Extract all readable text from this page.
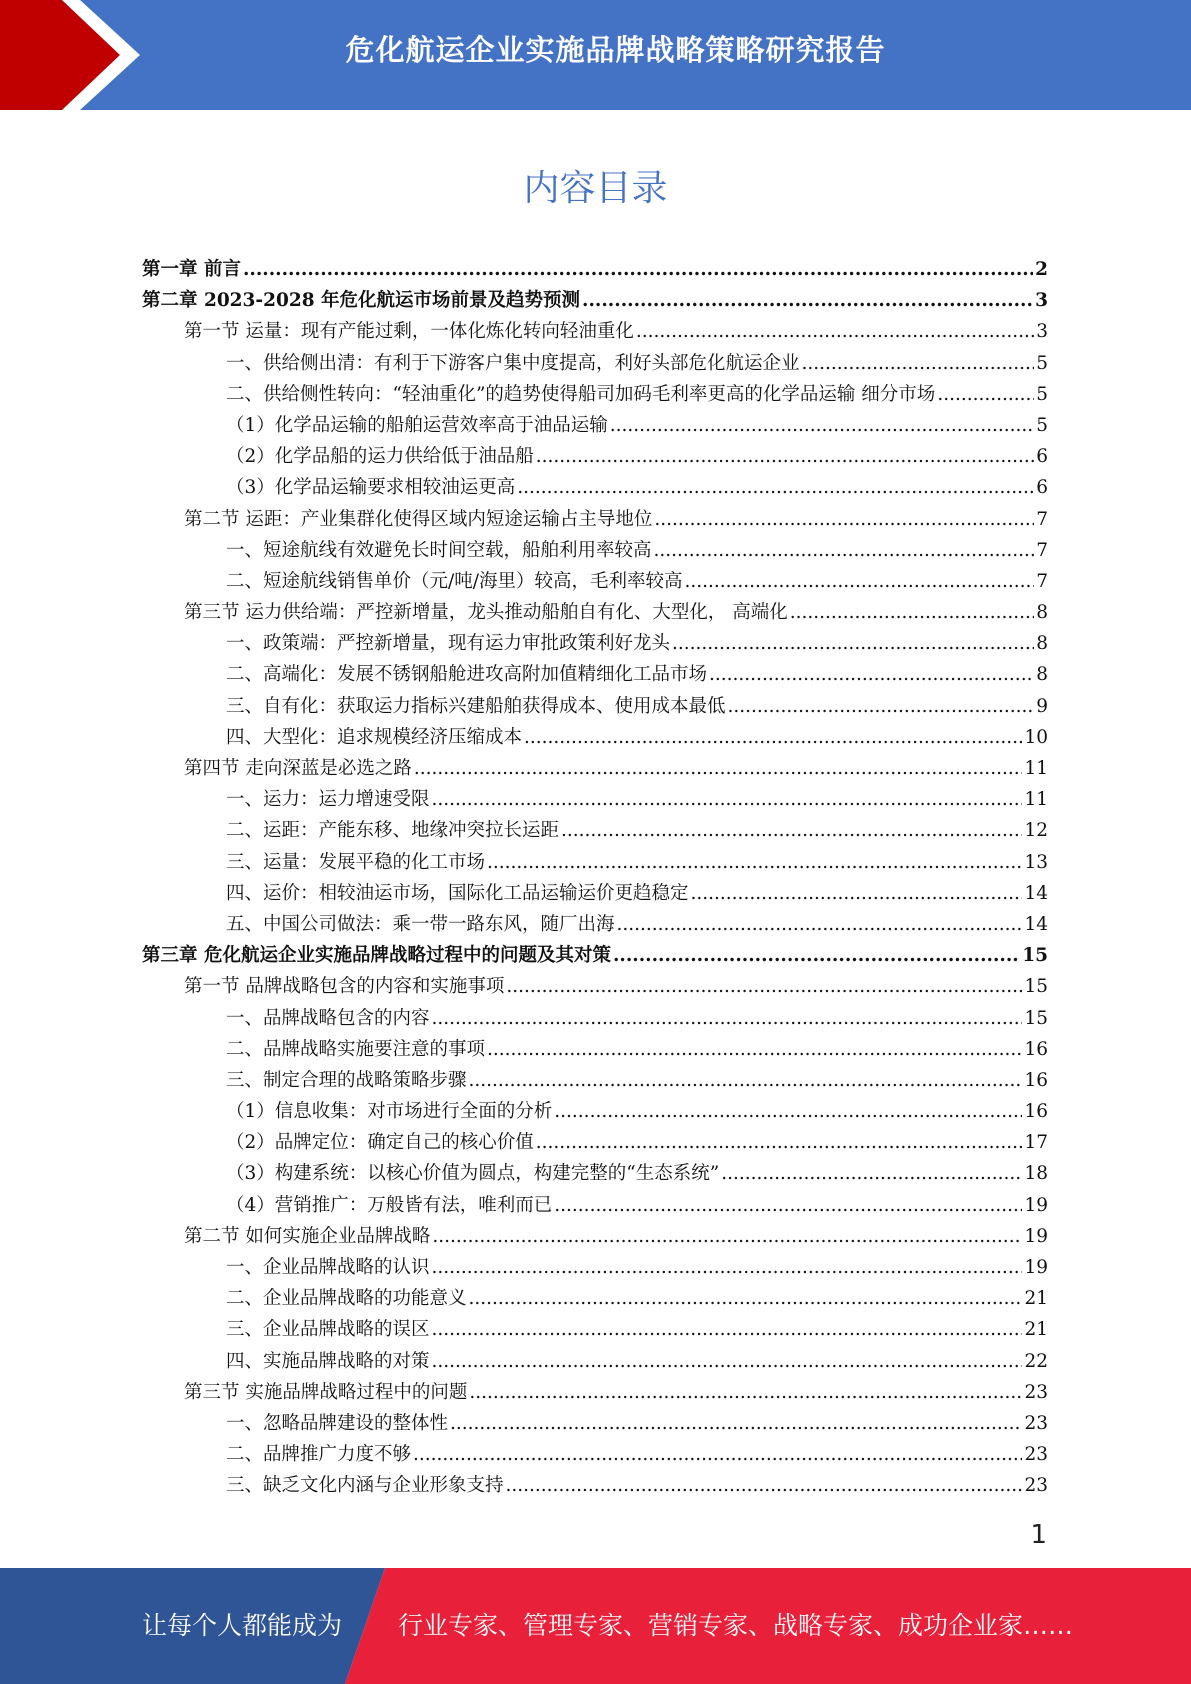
危化航运企业实施品牌战略策略研究报告
内容目录
第一章 前言 .....	2
第二章 2023-2028 年危化航运市场前景及趋势预测 .....	3
第一节 运量：现有产能过剩，一体化炼化转向轻油重化 .....	3
一、供给侧出清：有利于下游客户集中度提高，利好头部危化航运企业 .....	5
二、供给侧性转向：“轻油重化”的趋势使得船司加码毛利率更高的化学品运输 细分市场 .....	5
（1）化学品运输的船舶运营效率高于油品运输 .....	5
（2）化学品船的运力供给低于油品船 .....	6
（3）化学品运输要求相较油运更高 .....	6
第二节 运距：产业集群化使得区域内短途运输占主导地位 .....	7
一、短途航线有效避免长时间空载，船舶利用率较高 .....	7
二、短途航线销售单价（元/吨/海里）较高，毛利率较高 .....	7
第三节 运力供给端：严控新增量，龙头推动船舶自有化、大型化， 高端化 .....	8
一、政策端：严控新增量，现有运力审批政策利好龙头 .....	8
二、高端化：发展不锈钢船舱进攻高附加值精细化工品市场 .....	8
三、自有化：获取运力指标兴建船舶获得成本、使用成本最低 .....	9
四、大型化：追求规模经济压缩成本 .....	10
第四节 走向深蓝是必选之路 .....	11
一、运力：运力增速受限 .....	11
二、运距：产能东移、地缘冲突拉长运距 .....	12
三、运量：发展平稳的化工市场 .....	13
四、运价：相较油运市场，国际化工品运输运价更趋稳定 .....	14
五、中国公司做法：乘一带一路东风，随厂出海 .....	14
第三章 危化航运企业实施品牌战略过程中的问题及其对策 .....	15
第一节 品牌战略包含的内容和实施事项 .....	15
一、品牌战略包含的内容 .....	15
二、品牌战略实施要注意的事项 .....	16
三、制定合理的战略策略步骤 .....	16
（1）信息收集：对市场进行全面的分析 .....	16
（2）品牌定位：确定自己的核心价值 .....	17
（3）构建系统：以核心价值为圆点，构建完整的“生态系统” .....	18
（4）营销推广：万般皆有法，唯利而已 .....	19
第二节 如何实施企业品牌战略 .....	19
一、企业品牌战略的认识 .....	19
二、企业品牌战略的功能意义 .....	21
三、企业品牌战略的误区 .....	21
四、实施品牌战略的对策 .....	22
第三节 实施品牌战略过程中的问题 .....	23
一、忽略品牌建设的整体性 .....	23
二、品牌推广力度不够 .....	23
三、缺乏文化内涵与企业形象支持 .....	23
1
让每个人都能成为 行业专家、管理专家、营销专家、战略专家、成功企业家……
